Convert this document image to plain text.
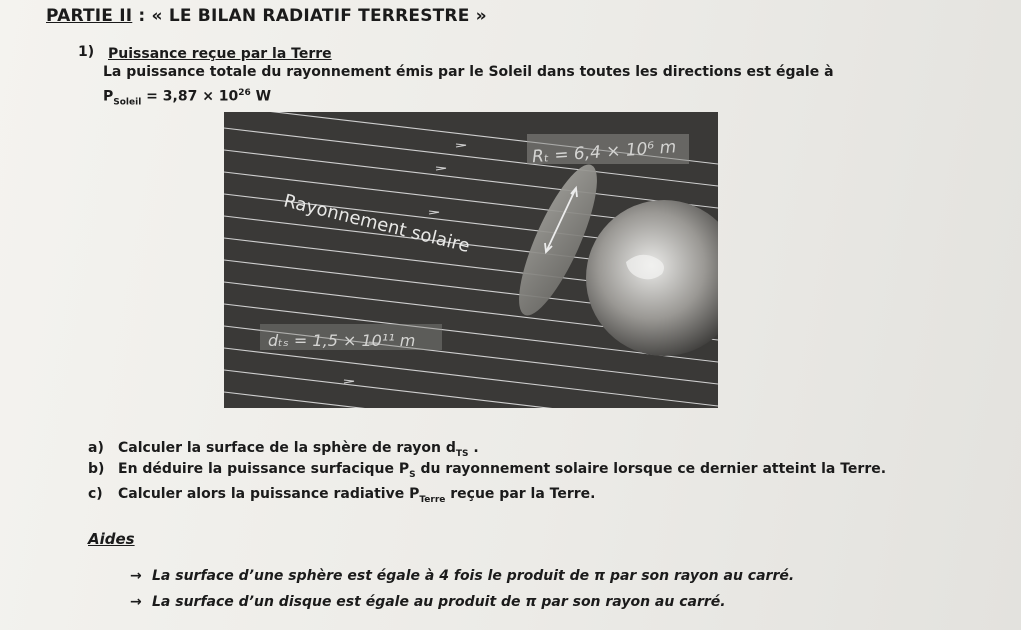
PARTIE II : « LE BILAN RADIATIF TERRESTRE »
1) Puissance reçue par la Terre
La puissance totale du rayonnement émis par le Soleil dans toutes les directions est égale à
$P_{Soleil} = 3,87 \times 10^{26}$ W
Rₜ = 6,4 × 10⁶ m
Rayonnement solaire
dₜₛ = 1,5 × 10¹¹ m
a) Calculer la surface de la sphère de rayon $d_{TS}$ .
b) En déduire la puissance surfacique $P_S$ du rayonnement solaire lorsque ce dernier atteint la Terre.
c) Calculer alors la puissance radiative $P_{Terre}$ reçue par la Terre.
Aides
→ La surface d’une sphère est égale à 4 fois le produit de π par son rayon au carré.
→ La surface d’un disque est égale au produit de π par son rayon au carré.
